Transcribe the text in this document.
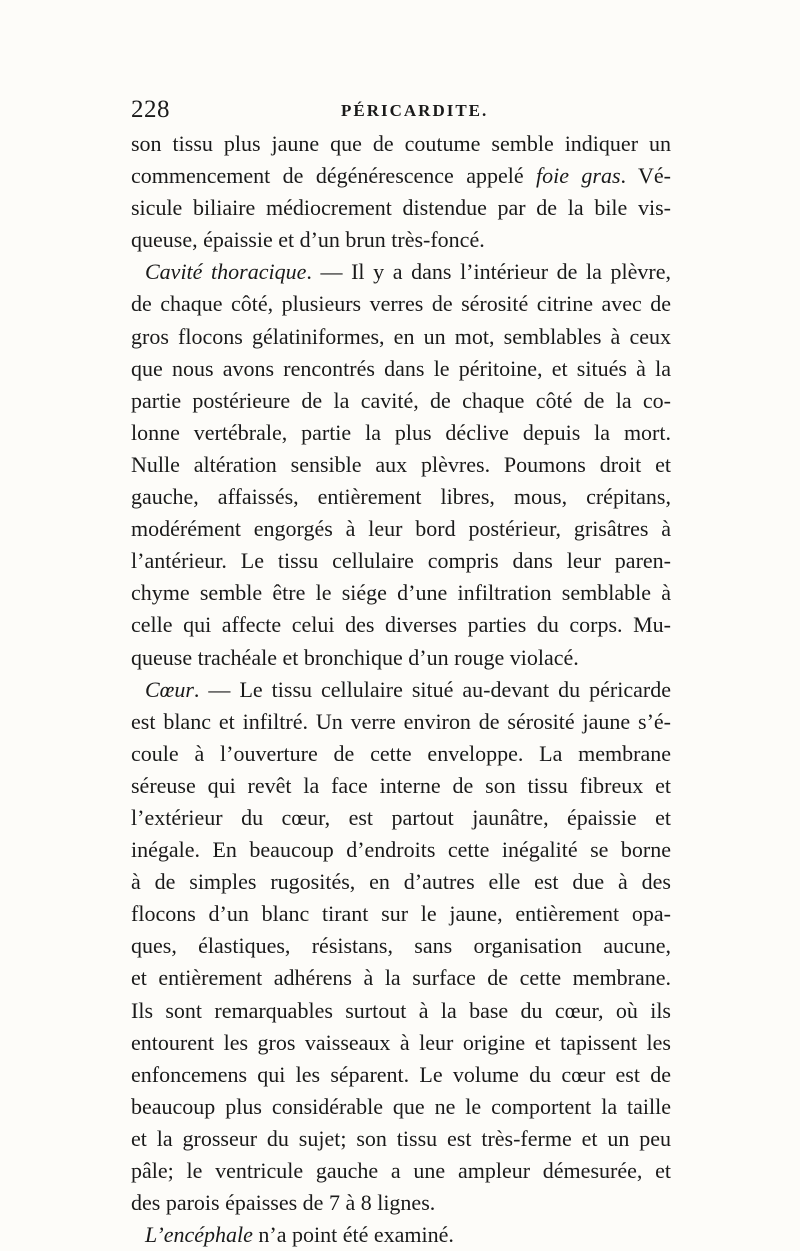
228	PÉRICARDITE.
son tissu plus jaune que de coutume semble indiquer un
commencement de dégénérescence appelé foie gras. Vé-
sicule biliaire médiocrement distendue par de la bile vis-
queuse, épaissie et d’un brun très-foncé.
Cavité thoracique. — Il y a dans l’intérieur de la plèvre,
de chaque côté, plusieurs verres de sérosité citrine avec de
gros flocons gélatiniformes, en un mot, semblables à ceux
que nous avons rencontrés dans le péritoine, et situés à la
partie postérieure de la cavité, de chaque côté de la co-
lonne vertébrale, partie la plus déclive depuis la mort.
Nulle altération sensible aux plèvres. Poumons droit et
gauche, affaissés, entièrement libres, mous, crépitans,
modérément engorgés à leur bord postérieur, grisâtres à
l’antérieur. Le tissu cellulaire compris dans leur paren-
chyme semble être le siége d’une infiltration semblable à
celle qui affecte celui des diverses parties du corps. Mu-
queuse trachéale et bronchique d’un rouge violacé.
Cœur. — Le tissu cellulaire situé au-devant du péricarde
est blanc et infiltré. Un verre environ de sérosité jaune s’é-
coule à l’ouverture de cette enveloppe. La membrane
séreuse qui revêt la face interne de son tissu fibreux et
l’extérieur du cœur, est partout jaunâtre, épaissie et
inégale. En beaucoup d’endroits cette inégalité se borne
à de simples rugosités, en d’autres elle est due à des
flocons d’un blanc tirant sur le jaune, entièrement opa-
ques, élastiques, résistans, sans organisation aucune,
et entièrement adhérens à la surface de cette membrane.
Ils sont remarquables surtout à la base du cœur, où ils
entourent les gros vaisseaux à leur origine et tapissent les
enfoncemens qui les séparent. Le volume du cœur est de
beaucoup plus considérable que ne le comportent la taille
et la grosseur du sujet; son tissu est très-ferme et un peu
pâle; le ventricule gauche a une ampleur démesurée, et
des parois épaisses de 7 à 8 lignes.
L’encéphale n’a point été examiné.
